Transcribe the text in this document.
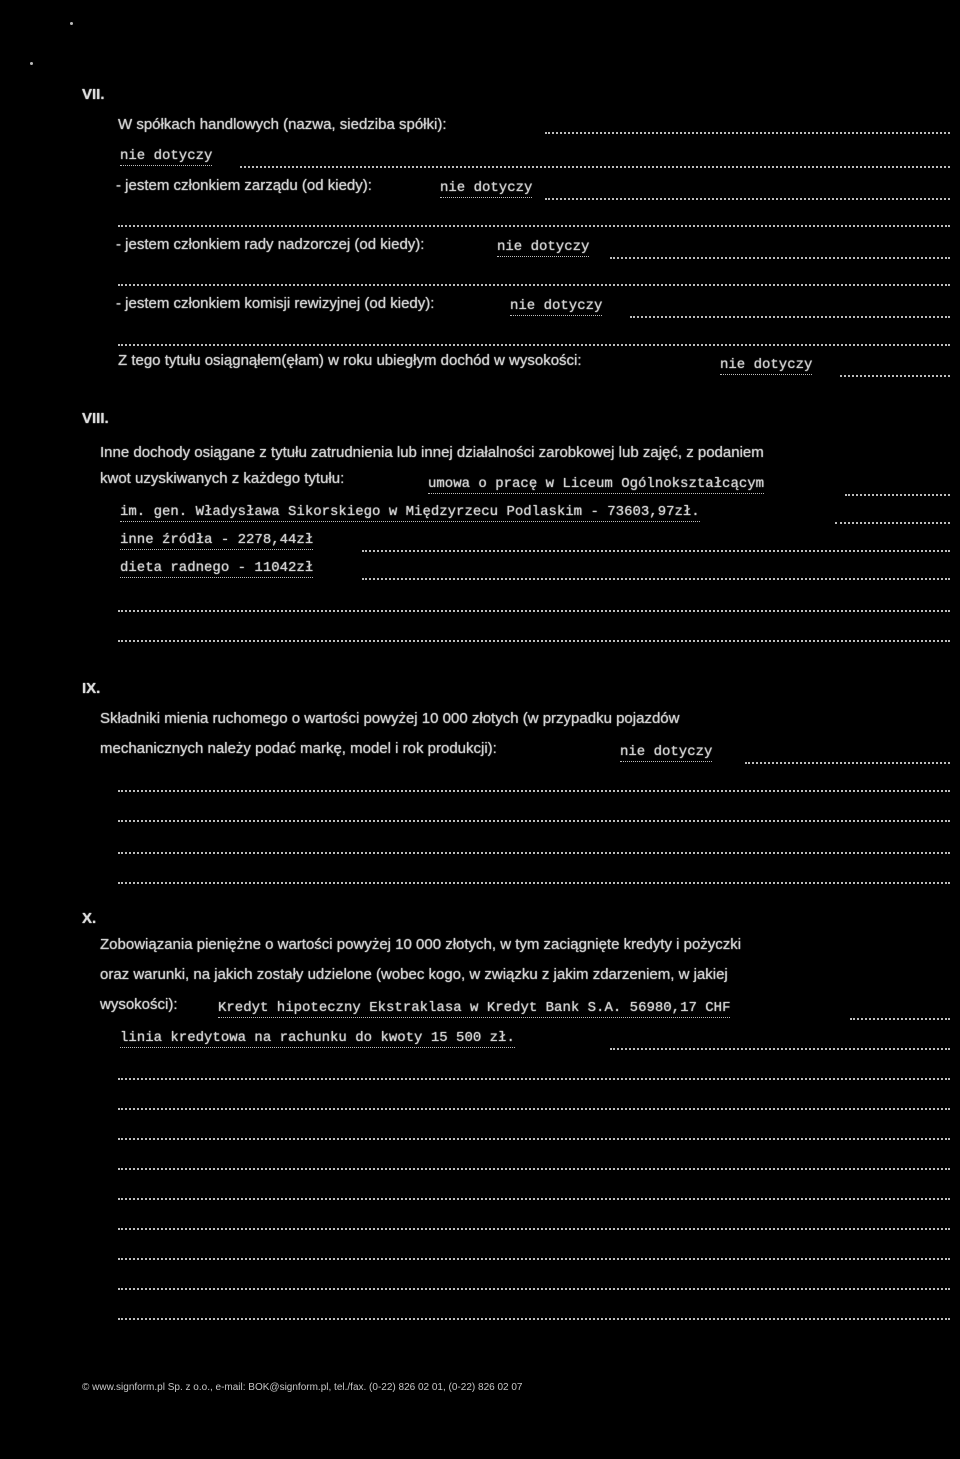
VII.
W spółkach handlowych (nazwa, siedziba spółki):
nie dotyczy
- jestem członkiem zarządu (od kiedy):	nie dotyczy
- jestem członkiem rady nadzorczej (od kiedy):	nie dotyczy
- jestem członkiem komisji rewizyjnej (od kiedy):	nie dotyczy
Z tego tytułu osiągnąłem(ęłam) w roku ubiegłym dochód w wysokości:	nie dotyczy
VIII.
Inne dochody osiągane z tytułu zatrudnienia lub innej działalności zarobkowej lub zajęć, z podaniem
kwot uzyskiwanych z każdego tytułu:	umowa o pracę w Liceum Ogólnokształcącym
im. gen. Władysława Sikorskiego w Międzyrzecu Podlaskim - 73603,97zł.
inne źródła - 2278,44zł
dieta radnego - 11042zł
IX.
Składniki mienia ruchomego o wartości powyżej 10 000 złotych (w przypadku pojazdów
mechanicznych należy podać markę, model i rok produkcji):	nie dotyczy
X.
Zobowiązania pieniężne o wartości powyżej 10 000 złotych, w tym zaciągnięte kredyty i pożyczki
oraz warunki, na jakich zostały udzielone (wobec kogo, w związku z jakim zdarzeniem, w jakiej
wysokości):	Kredyt hipoteczny Ekstraklasa w Kredyt Bank S.A. 56980,17 CHF
linia kredytowa na rachunku do kwoty 15 500 zł.
© www.signform.pl Sp. z o.o., e-mail: BOK@signform.pl, tel./fax. (0-22) 826 02 01, (0-22) 826 02 07
